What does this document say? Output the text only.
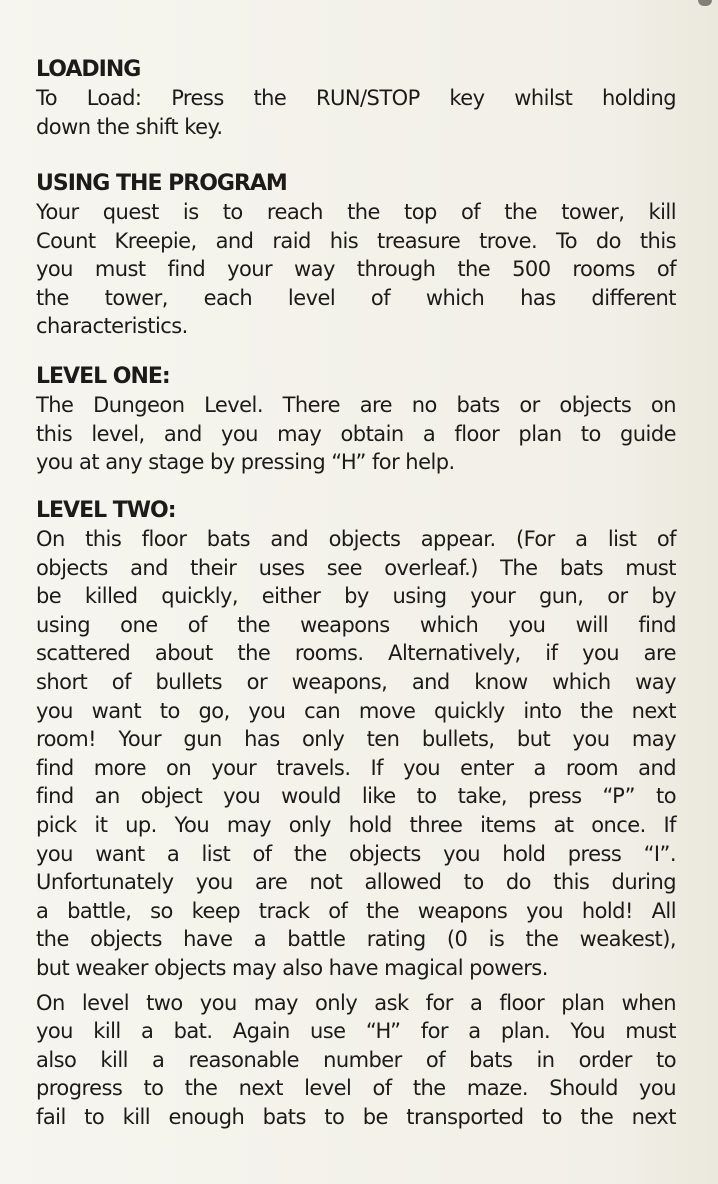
LOADING

To Load: Press the RUN/STOP key whilst holding
down the shift key.

USING THE PROGRAM

Your quest is to reach the top of the tower, kill
Count Kreepie, and raid his treasure trove. To do this
you must find your way through the 500 rooms of
the tower, each level of which has different
characteristics.

LEVEL ONE:

The Dungeon Level. There are no bats or objects on
this level, and you may obtain a floor plan to guide
you at any stage by pressing “H” for help.

LEVEL TWO:

On this floor bats and objects appear. (For a list of
objects and their uses see overleaf.) The bats must
be killed quickly, either by using your gun, or by
using one of the weapons which you will find
scattered about the rooms. Alternatively, if you are
short of bullets or weapons, and know which way
you want to go, you can move quickly into the next
room! Your gun has only ten bullets, but you may
find more on your travels. If you enter a room and
find an object you would like to take, press “P” to
pick it up. You may only hold three items at once. If
you want a list of the objects you hold press “I”.
Unfortunately you are not allowed to do this during
a battle, so keep track of the weapons you hold! All
the objects have a battle rating (0 is the weakest),
but weaker objects may also have magical powers.

On level two you may only ask for a floor plan when
you kill a bat. Again use “H” for a plan. You must
also kill a reasonable number of bats in order to
progress to the next level of the maze. Should you
fail to kill enough bats to be transported to the next
